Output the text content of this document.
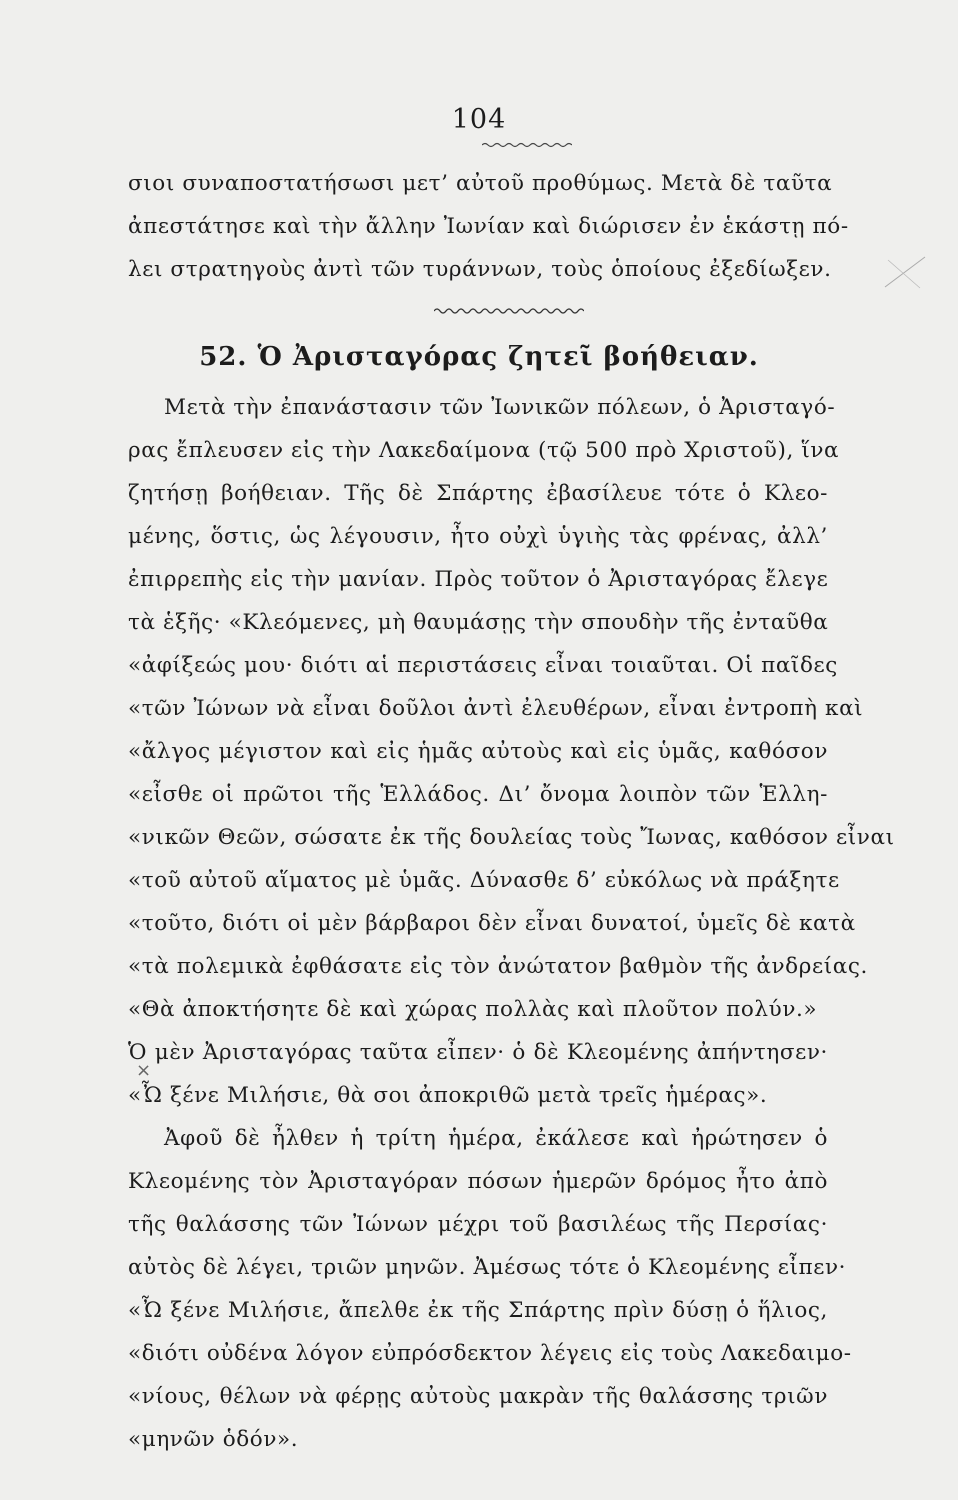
104
σιοι συναποστατήσωσι μετ’ αὐτοῦ προθύμως. Μετὰ δὲ ταῦτα
ἀπεστάτησε καὶ τὴν ἄλλην Ἰωνίαν καὶ διώρισεν ἐν ἑκάστῃ πό-
λει στρατηγοὺς ἀντὶ τῶν τυράννων, τοὺς ὁποίους ἐξεδίωξεν.
52. Ὁ Ἀρισταγόρας ζητεῖ βοήθειαν.
Μετὰ τὴν ἐπανάστασιν τῶν Ἰωνικῶν πόλεων, ὁ Ἀρισταγό-
ρας ἔπλευσεν εἰς τὴν Λακεδαίμονα (τῷ 500 πρὸ Χριστοῦ), ἵνα
ζητήσῃ βοήθειαν. Τῆς δὲ Σπάρτης ἐβασίλευε τότε ὁ Κλεο-
μένης, ὅστις, ὡς λέγουσιν, ἦτο οὐχὶ ὑγιὴς τὰς φρένας, ἀλλ’
ἐπιρρεπὴς εἰς τὴν μανίαν. Πρὸς τοῦτον ὁ Ἀρισταγόρας ἔλεγε
τὰ ἑξῆς· «Κλεόμενες, μὴ θαυμάσῃς τὴν σπουδὴν τῆς ἐνταῦθα
«ἀφίξεώς μου· διότι αἱ περιστάσεις εἶναι τοιαῦται. Οἱ παῖδες
«τῶν Ἰώνων νὰ εἶναι δοῦλοι ἀντὶ ἐλευθέρων, εἶναι ἐντροπὴ καὶ
«ἄλγος μέγιστον καὶ εἰς ἡμᾶς αὐτοὺς καὶ εἰς ὑμᾶς, καθόσον
«εἶσθε οἱ πρῶτοι τῆς Ἑλλάδος. Δι’ ὄνομα λοιπὸν τῶν Ἑλλη-
«νικῶν Θεῶν, σώσατε ἐκ τῆς δουλείας τοὺς Ἴωνας, καθόσον εἶναι
«τοῦ αὐτοῦ αἵματος μὲ ὑμᾶς. Δύνασθε δ’ εὐκόλως νὰ πράξητε
«τοῦτο, διότι οἱ μὲν βάρβαροι δὲν εἶναι δυνατοί, ὑμεῖς δὲ κατὰ
«τὰ πολεμικὰ ἐφθάσατε εἰς τὸν ἀνώτατον βαθμὸν τῆς ἀνδρείας.
«Θὰ ἀποκτήσητε δὲ καὶ χώρας πολλὰς καὶ πλοῦτον πολύν.»
Ὁ μὲν Ἀρισταγόρας ταῦτα εἶπεν· ὁ δὲ Κλεομένης ἀπήντησεν·
«Ὦ ξένε Μιλήσιε, θὰ σοι ἀποκριθῶ μετὰ τρεῖς ἡμέρας».
Ἀφοῦ δὲ ἦλθεν ἡ τρίτη ἡμέρα, ἐκάλεσε καὶ ἠρώτησεν ὁ
Κλεομένης τὸν Ἀρισταγόραν πόσων ἡμερῶν δρόμος ἦτο ἀπὸ
τῆς θαλάσσης τῶν Ἰώνων μέχρι τοῦ βασιλέως τῆς Περσίας·
αὐτὸς δὲ λέγει, τριῶν μηνῶν. Ἀμέσως τότε ὁ Κλεομένης εἶπεν·
«Ὦ ξένε Μιλήσιε, ἄπελθε ἐκ τῆς Σπάρτης πρὶν δύσῃ ὁ ἥλιος,
«διότι οὐδένα λόγον εὐπρόσδεκτον λέγεις εἰς τοὺς Λακεδαιμο-
«νίους, θέλων νὰ φέρῃς αὐτοὺς μακρὰν τῆς θαλάσσης τριῶν
«μηνῶν ὁδόν».
×
